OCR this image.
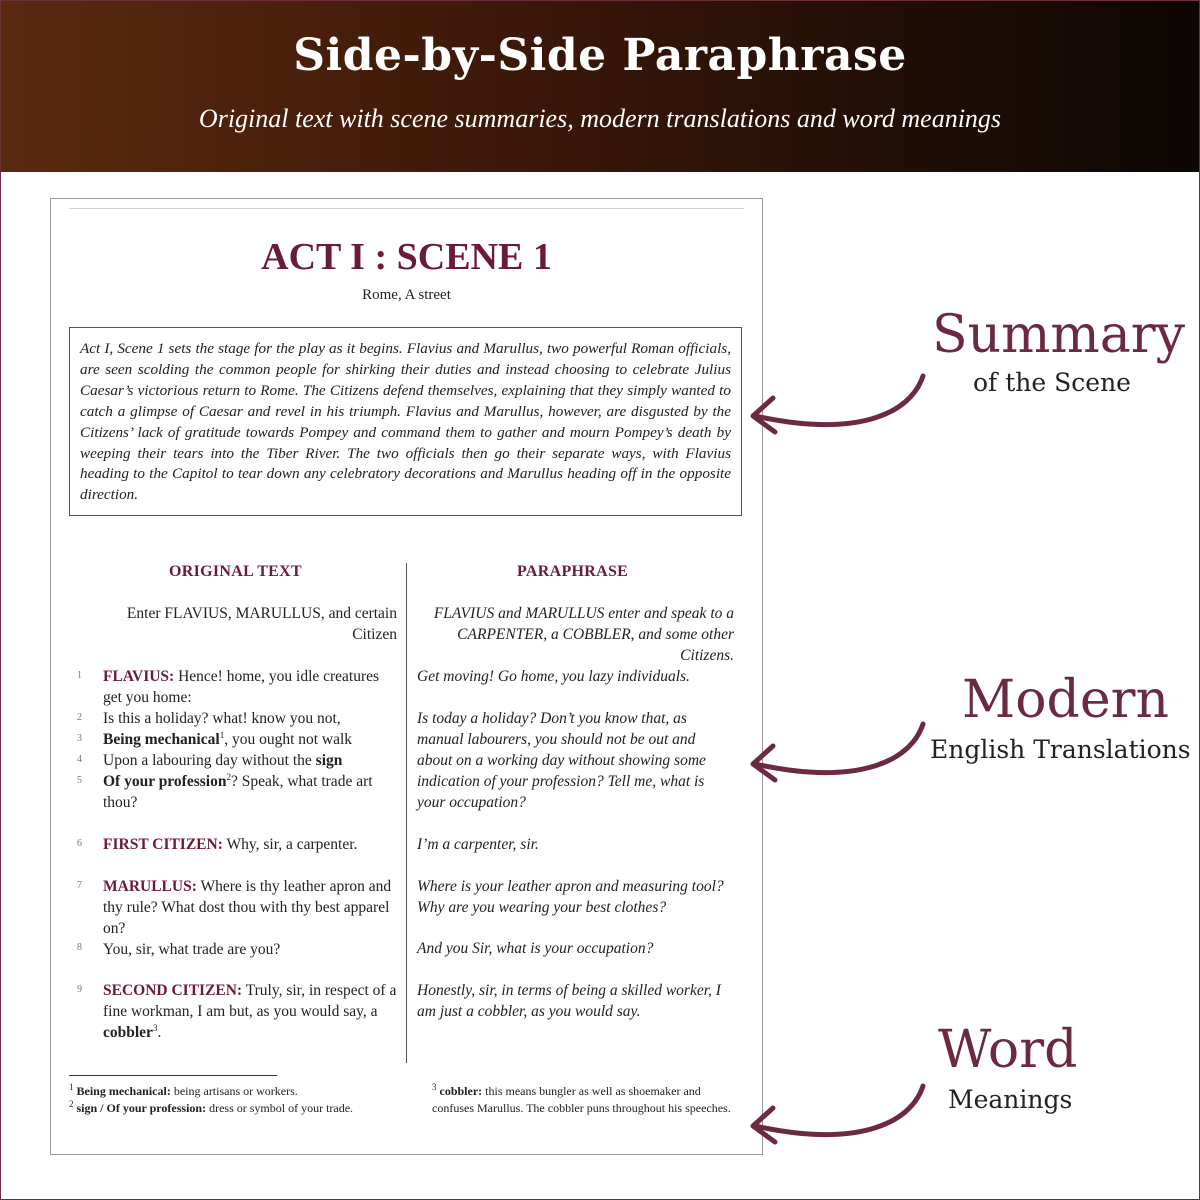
Side-by-Side Paraphrase

Original text with scene summaries, modern translations and word meanings

ACT I : SCENE 1
Rome, A street
Act I, Scene 1 sets the stage for the play as it begins. Flavius and Marullus, two powerful Roman officials, are seen scolding the common people for shirking their duties and instead choosing to celebrate Julius Caesar’s victorious return to Rome. The Citizens defend themselves, explaining that they simply wanted to catch a glimpse of Caesar and revel in his triumph. Flavius and Marullus, however, are disgusted by the Citizens’ lack of gratitude towards Pompey and command them to gather and mourn Pompey’s death by weeping their tears into the Tiber River. The two officials then go their separate ways, with Flavius heading to the Capitol to tear down any celebratory decorations and Marullus heading off in the opposite direction.
ORIGINAL TEXT	PARAPHRASE
Enter FLAVIUS, MARULLUS, and certain Citizen
FLAVIUS and MARULLUS enter and speak to a CARPENTER, a COBBLER, and some other Citizens.
1
2
3
4
5
6
7
8
9
FLAVIUS: Hence! home, you idle creatures get you home:
Is this a holiday? what! know you not,
Being mechanical$^1$, you ought not walk
Upon a labouring day without the sign
Of your profession$^2$? Speak, what trade art thou?
FIRST CITIZEN: Why, sir, a carpenter.
MARULLUS: Where is thy leather apron and thy rule? What dost thou with thy best apparel on?
You, sir, what trade are you?
SECOND CITIZEN: Truly, sir, in respect of a fine workman, I am but, as you would say, a cobbler$^3$.
Get moving! Go home, you lazy individuals.
Is today a holiday? Don’t you know that, as manual labourers, you should not be out and about on a working day without showing some indication of your profession? Tell me, what is your occupation?
I’m a carpenter, sir.
Where is your leather apron and measuring tool? Why are you wearing your best clothes?
And you Sir, what is your occupation?
Honestly, sir, in terms of being a skilled worker, I am just a cobbler, as you would say.
$^1$ Being mechanical: being artisans or workers.
$^2$ sign / Of your profession: dress or symbol of your trade.
$^3$ cobbler: this means bungler as well as shoemaker and confuses Marullus. The cobbler puns throughout his speeches.
Summary
of the Scene
Modern
English Translations
Word
Meanings
